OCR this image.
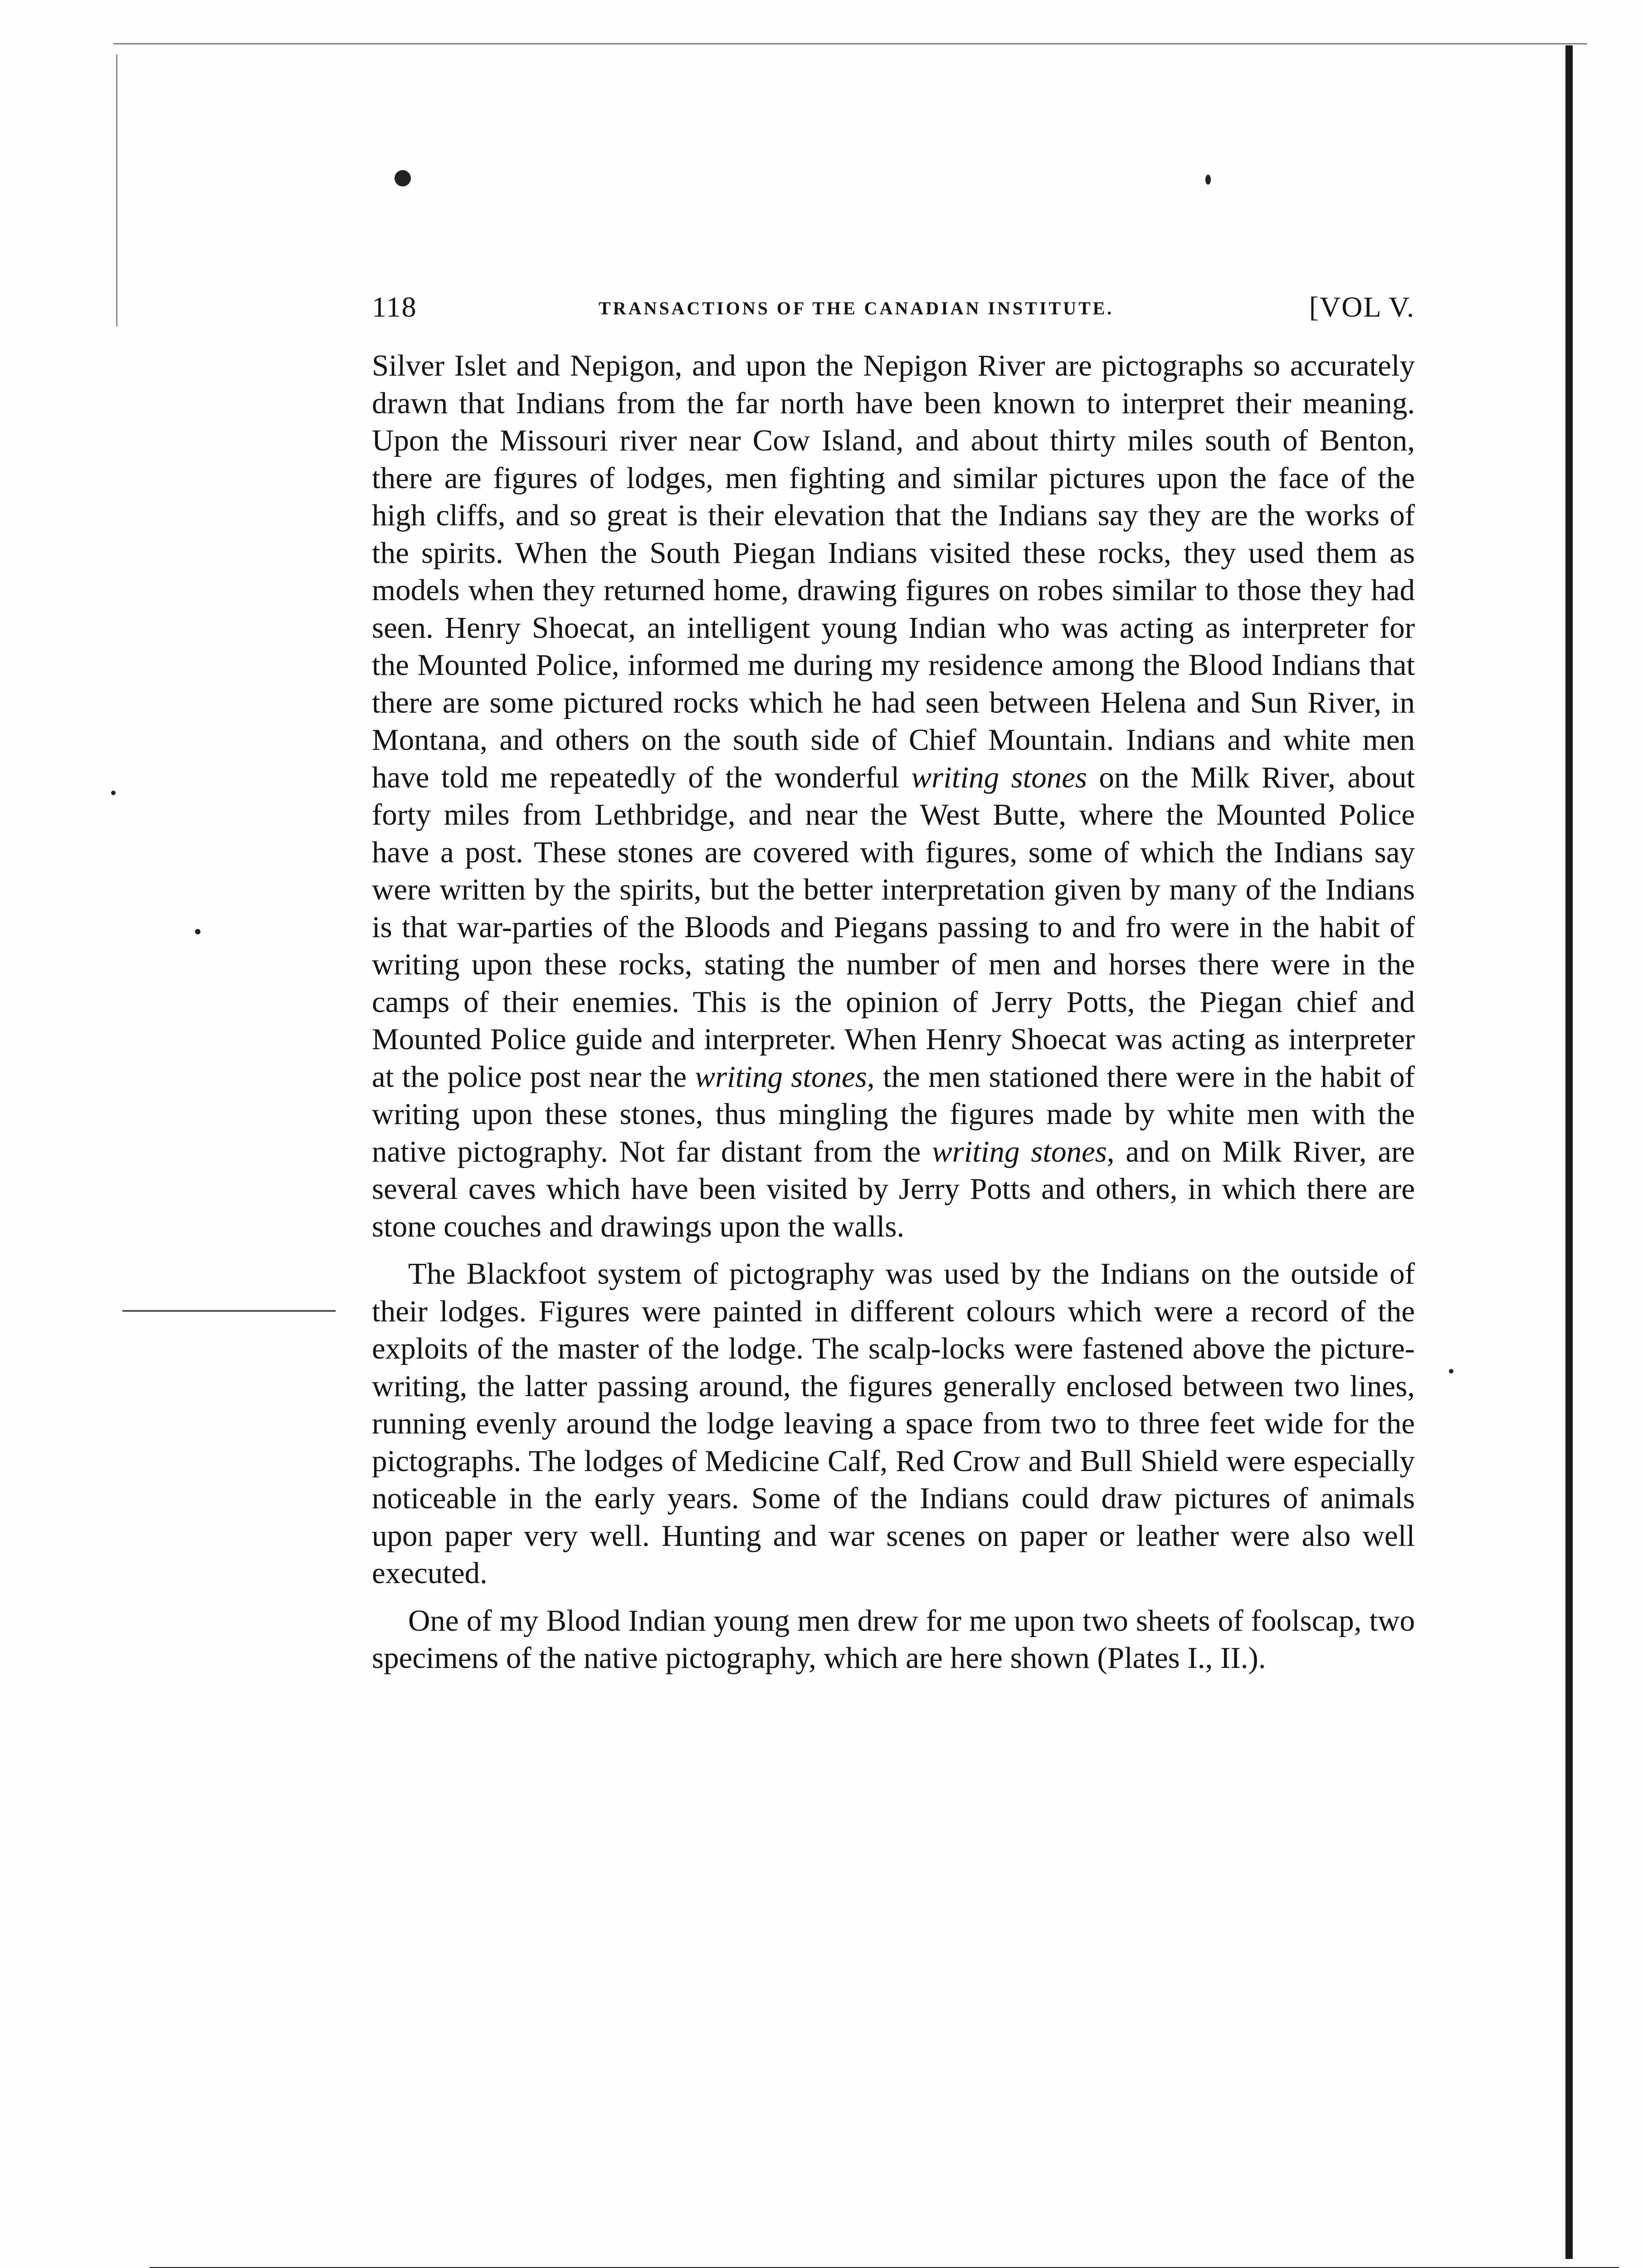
118	TRANSACTIONS OF THE CANADIAN INSTITUTE.	[VOL V.

Silver Islet and Nepigon, and upon the Nepigon River are pictographs so accurately drawn that Indians from the far north have been known to interpret their meaning. Upon the Missouri river near Cow Island, and about thirty miles south of Benton, there are figures of lodges, men fighting and similar pictures upon the face of the high cliffs, and so great is their elevation that the Indians say they are the works of the spirits. When the South Piegan Indians visited these rocks, they used them as models when they returned home, drawing figures on robes similar to those they had seen. Henry Shoecat, an intelligent young Indian who was acting as interpreter for the Mounted Police, informed me during my residence among the Blood Indians that there are some pictured rocks which he had seen between Helena and Sun River, in Montana, and others on the south side of Chief Mountain. Indians and white men have told me repeatedly of the wonderful writing stones on the Milk River, about forty miles from Lethbridge, and near the West Butte, where the Mounted Police have a post. These stones are covered with figures, some of which the Indians say were written by the spirits, but the better interpretation given by many of the Indians is that war-parties of the Bloods and Piegans passing to and fro were in the habit of writing upon these rocks, stating the number of men and horses there were in the camps of their enemies. This is the opinion of Jerry Potts, the Piegan chief and Mounted Police guide and interpreter. When Henry Shoecat was acting as interpreter at the police post near the writing stones, the men stationed there were in the habit of writing upon these stones, thus mingling the figures made by white men with the native pictography. Not far distant from the writing stones, and on Milk River, are several caves which have been visited by Jerry Potts and others, in which there are stone couches and drawings upon the walls.

The Blackfoot system of pictography was used by the Indians on the outside of their lodges. Figures were painted in different colours which were a record of the exploits of the master of the lodge. The scalp-locks were fastened above the picture-writing, the latter passing around, the figures generally enclosed between two lines, running evenly around the lodge leaving a space from two to three feet wide for the pictographs. The lodges of Medicine Calf, Red Crow and Bull Shield were especially noticeable in the early years. Some of the Indians could draw pictures of animals upon paper very well. Hunting and war scenes on paper or leather were also well executed.

One of my Blood Indian young men drew for me upon two sheets of foolscap, two specimens of the native pictography, which are here shown (Plates I., II.).
